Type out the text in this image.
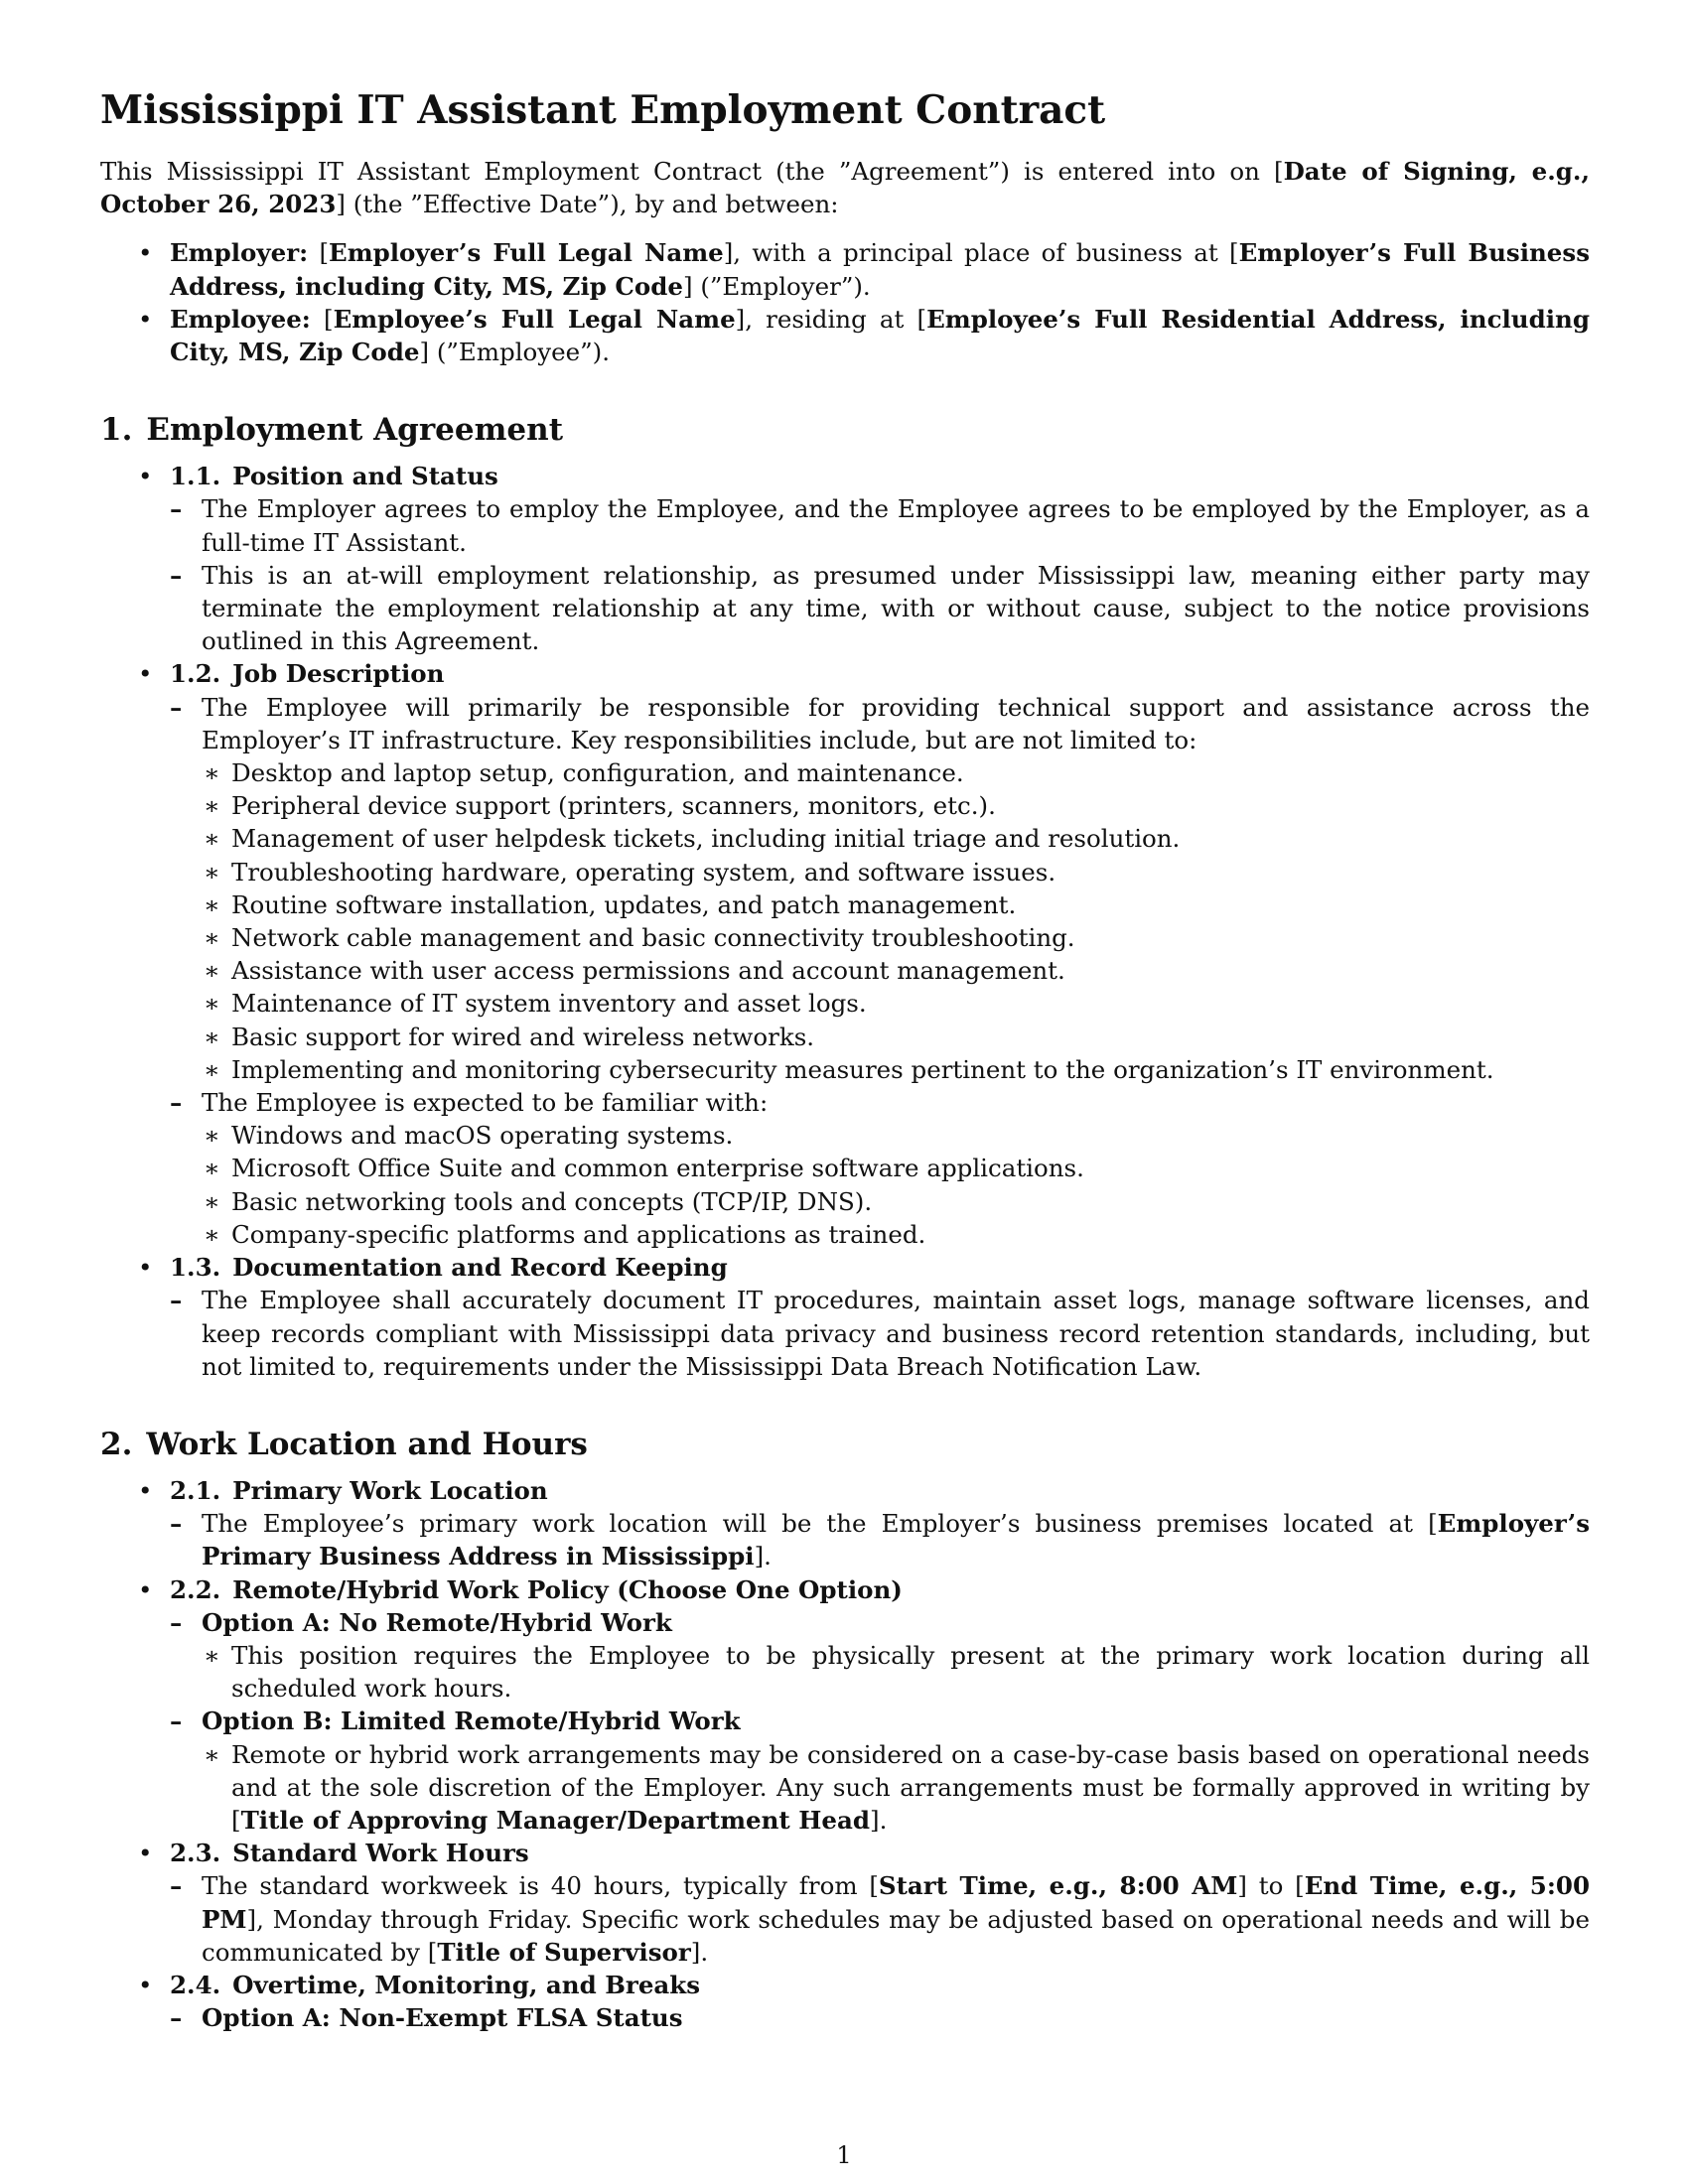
Mississippi IT Assistant Employment Contract

This Mississippi IT Assistant Employment Contract (the ”Agreement”) is entered into on [Date of Signing, e.g., October 26, 2023] (the ”Effective Date”), by and between:

• Employer: [Employer’s Full Legal Name], with a principal place of business at [Employer’s Full Business Address, including City, MS, Zip Code] (”Employer”).
• Employee: [Employee’s Full Legal Name], residing at [Employee’s Full Residential Address, including City, MS, Zip Code] (”Employee”).
1. Employment Agreement
• 1.1. Position and Status
– The Employer agrees to employ the Employee, and the Employee agrees to be employed by the Employer, as a full-time IT Assistant.
– This is an at-will employment relationship, as presumed under Mississippi law, meaning either party may terminate the employment relationship at any time, with or without cause, subject to the notice provisions outlined in this Agreement.
• 1.2. Job Description
– The Employee will primarily be responsible for providing technical support and assistance across the Employer’s IT infrastructure. Key responsibilities include, but are not limited to:
∗ Desktop and laptop setup, configuration, and maintenance.
∗ Peripheral device support (printers, scanners, monitors, etc.).
∗ Management of user helpdesk tickets, including initial triage and resolution.
∗ Troubleshooting hardware, operating system, and software issues.
∗ Routine software installation, updates, and patch management.
∗ Network cable management and basic connectivity troubleshooting.
∗ Assistance with user access permissions and account management.
∗ Maintenance of IT system inventory and asset logs.
∗ Basic support for wired and wireless networks.
∗ Implementing and monitoring cybersecurity measures pertinent to the organization’s IT environment.
– The Employee is expected to be familiar with:
∗ Windows and macOS operating systems.
∗ Microsoft Office Suite and common enterprise software applications.
∗ Basic networking tools and concepts (TCP/IP, DNS).
∗ Company-specific platforms and applications as trained.
• 1.3. Documentation and Record Keeping
– The Employee shall accurately document IT procedures, maintain asset logs, manage software licenses, and keep records compliant with Mississippi data privacy and business record retention standards, including, but not limited to, requirements under the Mississippi Data Breach Notification Law.
2. Work Location and Hours
• 2.1. Primary Work Location
– The Employee’s primary work location will be the Employer’s business premises located at [Employer’s Primary Business Address in Mississippi].
• 2.2. Remote/Hybrid Work Policy (Choose One Option)
– Option A: No Remote/Hybrid Work
∗ This position requires the Employee to be physically present at the primary work location during all scheduled work hours.
– Option B: Limited Remote/Hybrid Work
∗ Remote or hybrid work arrangements may be considered on a case-by-case basis based on operational needs and at the sole discretion of the Employer. Any such arrangements must be formally approved in writing by [Title of Approving Manager/Department Head].
• 2.3. Standard Work Hours
– The standard workweek is 40 hours, typically from [Start Time, e.g., 8:00 AM] to [End Time, e.g., 5:00 PM], Monday through Friday. Specific work schedules may be adjusted based on operational needs and will be communicated by [Title of Supervisor].
• 2.4. Overtime, Monitoring, and Breaks
– Option A: Non-Exempt FLSA Status
1
